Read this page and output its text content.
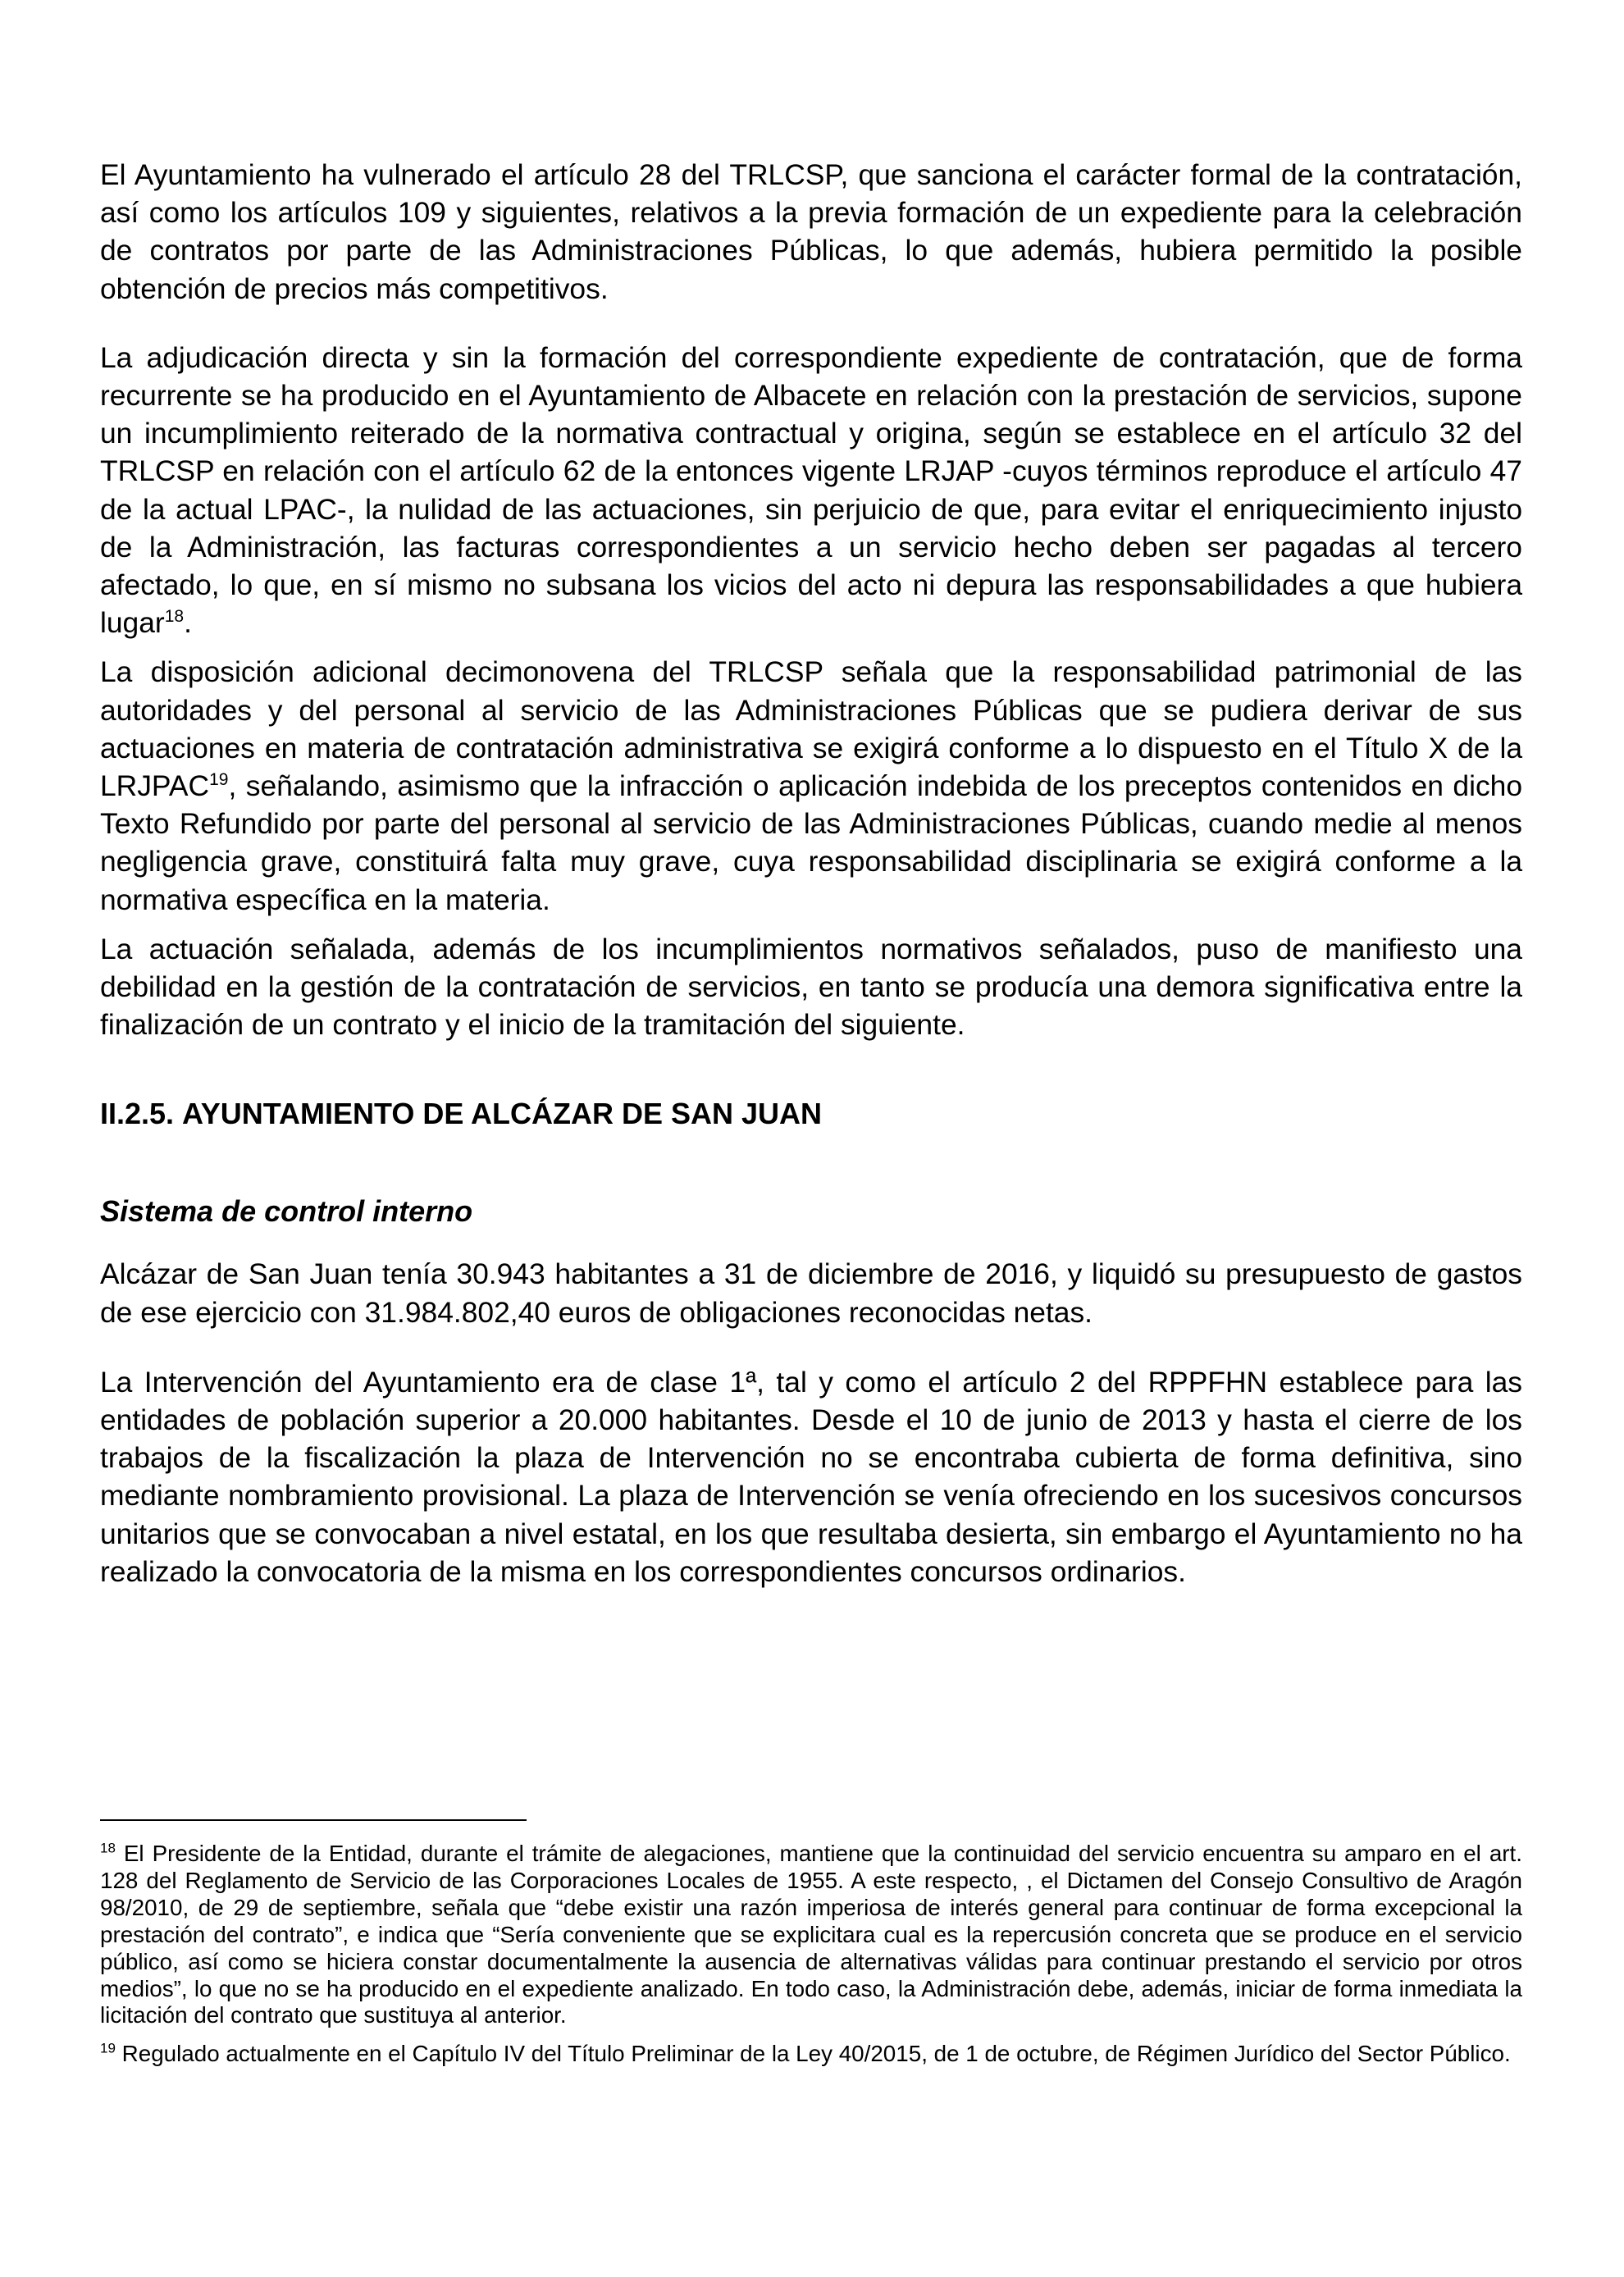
El Ayuntamiento ha vulnerado el artículo 28 del TRLCSP, que sanciona el carácter formal de la contratación, así como los artículos 109 y siguientes, relativos a la previa formación de un expediente para la celebración de contratos por parte de las Administraciones Públicas, lo que además, hubiera permitido la posible obtención de precios más competitivos.

La adjudicación directa y sin la formación del correspondiente expediente de contratación, que de forma recurrente se ha producido en el Ayuntamiento de Albacete en relación con la prestación de servicios, supone un incumplimiento reiterado de la normativa contractual y origina, según se establece en el artículo 32 del TRLCSP en relación con el artículo 62 de la entonces vigente LRJAP -cuyos términos reproduce el artículo 47 de la actual LPAC-, la nulidad de las actuaciones, sin perjuicio de que, para evitar el enriquecimiento injusto de la Administración, las facturas correspondientes a un servicio hecho deben ser pagadas al tercero afectado, lo que, en sí mismo no subsana los vicios del acto ni depura las responsabilidades a que hubiera lugar$^{18}$.

La disposición adicional decimonovena del TRLCSP señala que la responsabilidad patrimonial de las autoridades y del personal al servicio de las Administraciones Públicas que se pudiera derivar de sus actuaciones en materia de contratación administrativa se exigirá conforme a lo dispuesto en el Título X de la LRJPAC$^{19}$, señalando, asimismo que la infracción o aplicación indebida de los preceptos contenidos en dicho Texto Refundido por parte del personal al servicio de las Administraciones Públicas, cuando medie al menos negligencia grave, constituirá falta muy grave, cuya responsabilidad disciplinaria se exigirá conforme a la normativa específica en la materia.

La actuación señalada, además de los incumplimientos normativos señalados, puso de manifiesto una debilidad en la gestión de la contratación de servicios, en tanto se producía una demora significativa entre la finalización de un contrato y el inicio de la tramitación del siguiente.

II.2.5. AYUNTAMIENTO DE ALCÁZAR DE SAN JUAN
Sistema de control interno

Alcázar de San Juan tenía 30.943 habitantes a 31 de diciembre de 2016, y liquidó su presupuesto de gastos de ese ejercicio con 31.984.802,40 euros de obligaciones reconocidas netas.

La Intervención del Ayuntamiento era de clase 1ª, tal y como el artículo 2 del RPPFHN establece para las entidades de población superior a 20.000 habitantes. Desde el 10 de junio de 2013 y hasta el cierre de los trabajos de la fiscalización la plaza de Intervención no se encontraba cubierta de forma definitiva, sino mediante nombramiento provisional. La plaza de Intervención se venía ofreciendo en los sucesivos concursos unitarios que se convocaban a nivel estatal, en los que resultaba desierta, sin embargo el Ayuntamiento no ha realizado la convocatoria de la misma en los correspondientes concursos ordinarios.

$^{18}$ El Presidente de la Entidad, durante el trámite de alegaciones, mantiene que la continuidad del servicio encuentra su amparo en el art. 128 del Reglamento de Servicio de las Corporaciones Locales de 1955. A este respecto, , el Dictamen del Consejo Consultivo de Aragón 98/2010, de 29 de septiembre, señala que “debe existir una razón imperiosa de interés general para continuar de forma excepcional la prestación del contrato”, e indica que “Sería conveniente que se explicitara cual es la repercusión concreta que se produce en el servicio público, así como se hiciera constar documentalmente la ausencia de alternativas válidas para continuar prestando el servicio por otros medios”, lo que no se ha producido en el expediente analizado. En todo caso, la Administración debe, además, iniciar de forma inmediata la licitación del contrato que sustituya al anterior.

$^{19}$ Regulado actualmente en el Capítulo IV del Título Preliminar de la Ley 40/2015, de 1 de octubre, de Régimen Jurídico del Sector Público.
